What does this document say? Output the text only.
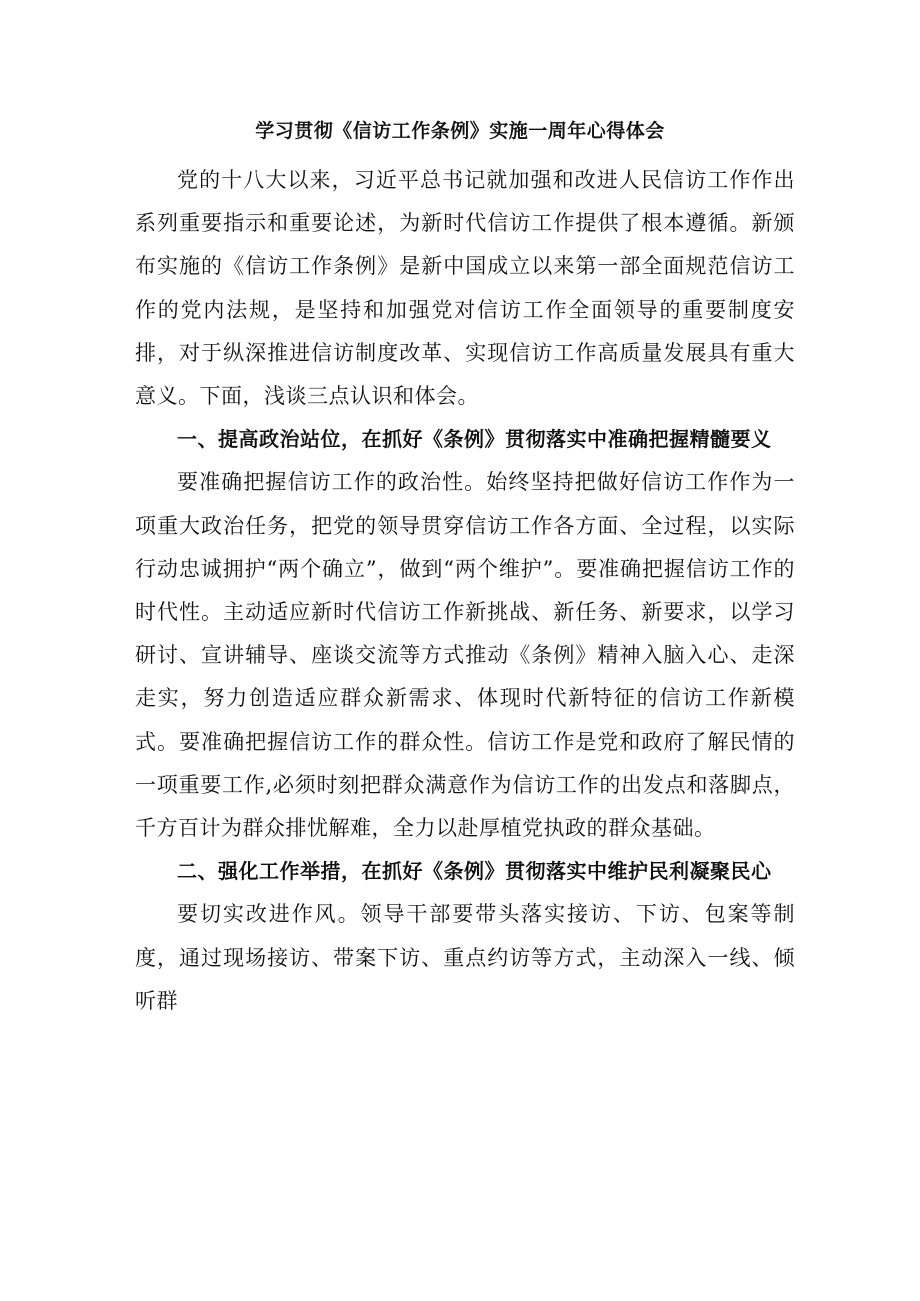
学习贯彻《信访工作条例》实施一周年心得体会

党的十八大以来，习近平总书记就加强和改进人民信访工作作出系列重要指示和重要论述，为新时代信访工作提供了根本遵循。新颁布实施的《信访工作条例》是新中国成立以来第一部全面规范信访工作的党内法规，是坚持和加强党对信访工作全面领导的重要制度安排，对于纵深推进信访制度改革、实现信访工作高质量发展具有重大意义。下面，浅谈三点认识和体会。

一、提高政治站位，在抓好《条例》贯彻落实中准确把握精髓要义

要准确把握信访工作的政治性。始终坚持把做好信访工作作为一项重大政治任务，把党的领导贯穿信访工作各方面、全过程，以实际行动忠诚拥护“两个确立”，做到“两个维护”。要准确把握信访工作的时代性。主动适应新时代信访工作新挑战、新任务、新要求，以学习研讨、宣讲辅导、座谈交流等方式推动《条例》精神入脑入心、走深走实，努力创造适应群众新需求、体现时代新特征的信访工作新模式。要准确把握信访工作的群众性。信访工作是党和政府了解民情的一项重要工作,必须时刻把群众满意作为信访工作的出发点和落脚点，千方百计为群众排忧解难，全力以赴厚植党执政的群众基础。

二、强化工作举措，在抓好《条例》贯彻落实中维护民利凝聚民心

要切实改进作风。领导干部要带头落实接访、下访、包案等制度，通过现场接访、带案下访、重点约访等方式，主动深入一线、倾听群
